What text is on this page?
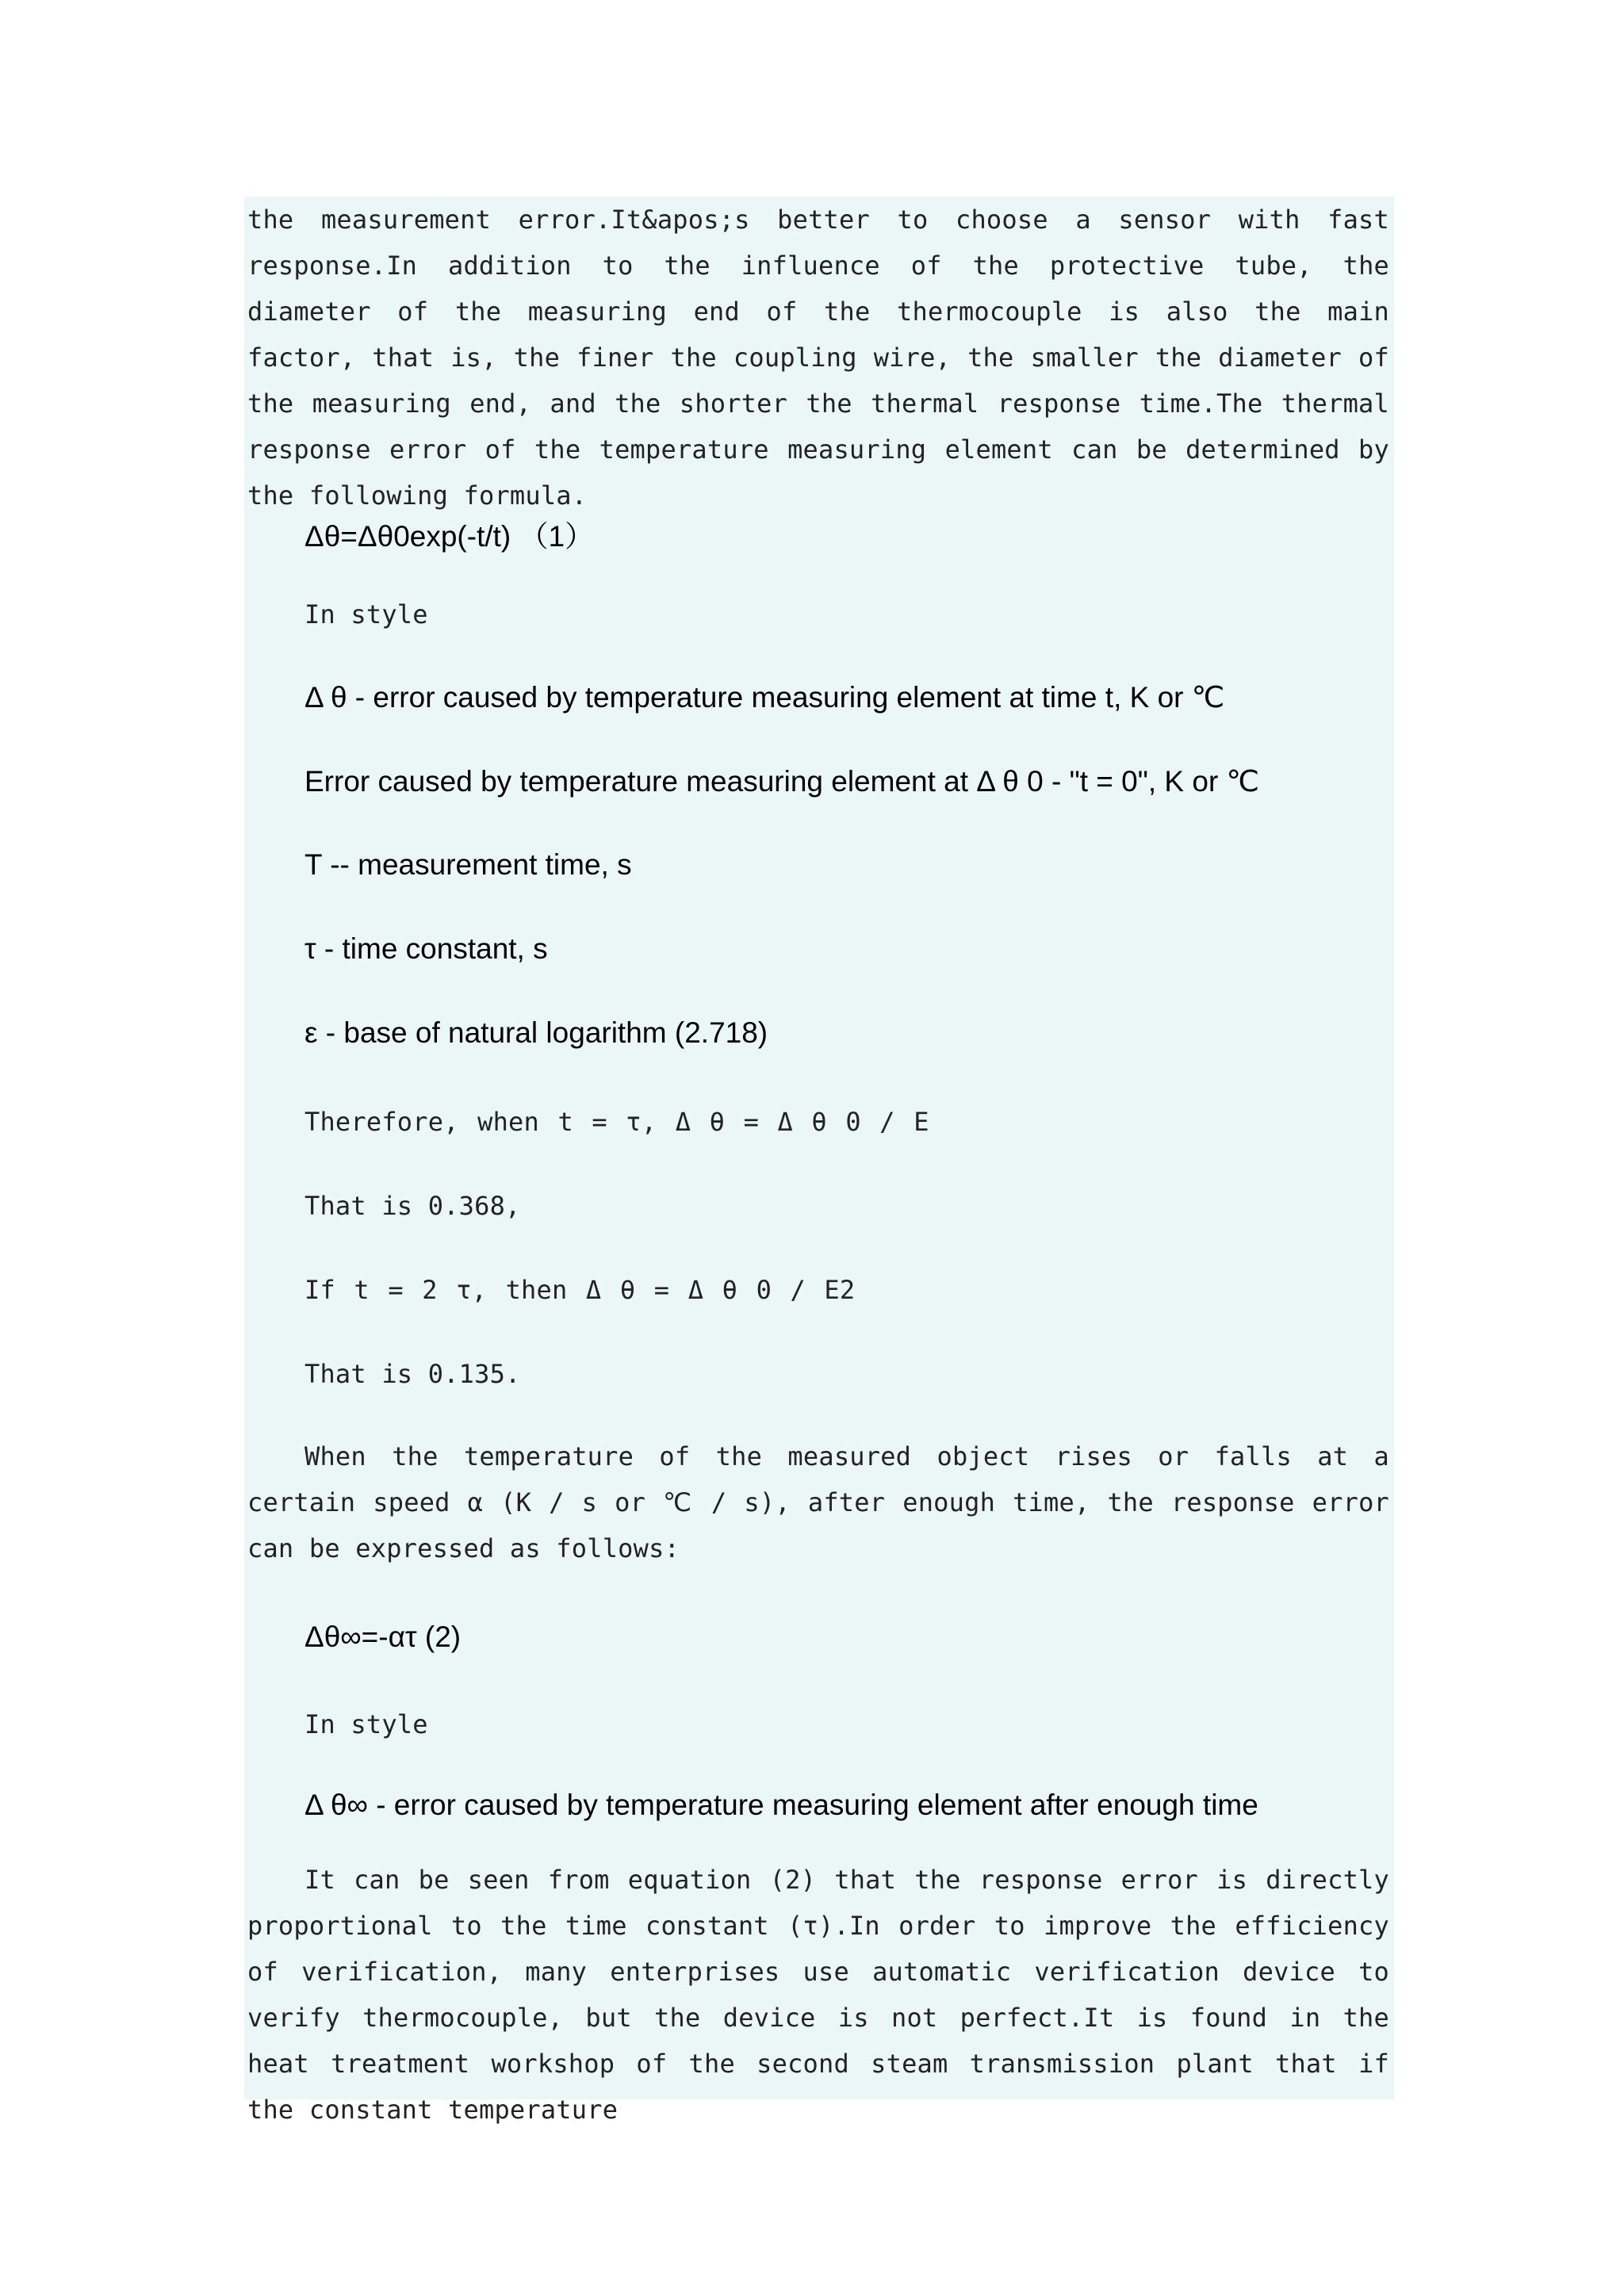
the measurement error.It&apos;s better to choose a sensor with fast response.In addition to the influence of the protective tube, the diameter of the measuring end of the thermocouple is also the main factor, that is, the finer the coupling wire, the smaller the diameter of the measuring end, and the shorter the thermal response time.The thermal response error of the temperature measuring element can be determined by the following formula.

Δθ=Δθ0exp(-t/t) （1）

In style

Δ θ - error caused by temperature measuring element at time t, K or ℃

Error caused by temperature measuring element at Δ θ 0 - "t = 0", K or ℃

T -- measurement time, s

τ - time constant, s

ε - base of natural logarithm (2.718)

Therefore, when t = τ, Δ θ = Δ θ 0 / E

That is 0.368,

If t = 2 τ, then Δ θ = Δ θ 0 / E2

That is 0.135.

When the temperature of the measured object rises or falls at a certain speed α (K / s or ℃ / s), after enough time, the response error can be expressed as follows:

Δθ∞=-ατ (2)

In style

Δ θ∞ - error caused by temperature measuring element after enough time

It can be seen from equation (2) that the response error is directly proportional to the time constant (τ).In order to improve the efficiency of verification, many enterprises use automatic verification device to verify thermocouple, but the device is not perfect.It is found in the heat treatment workshop of the second steam transmission plant that if the constant temperature
